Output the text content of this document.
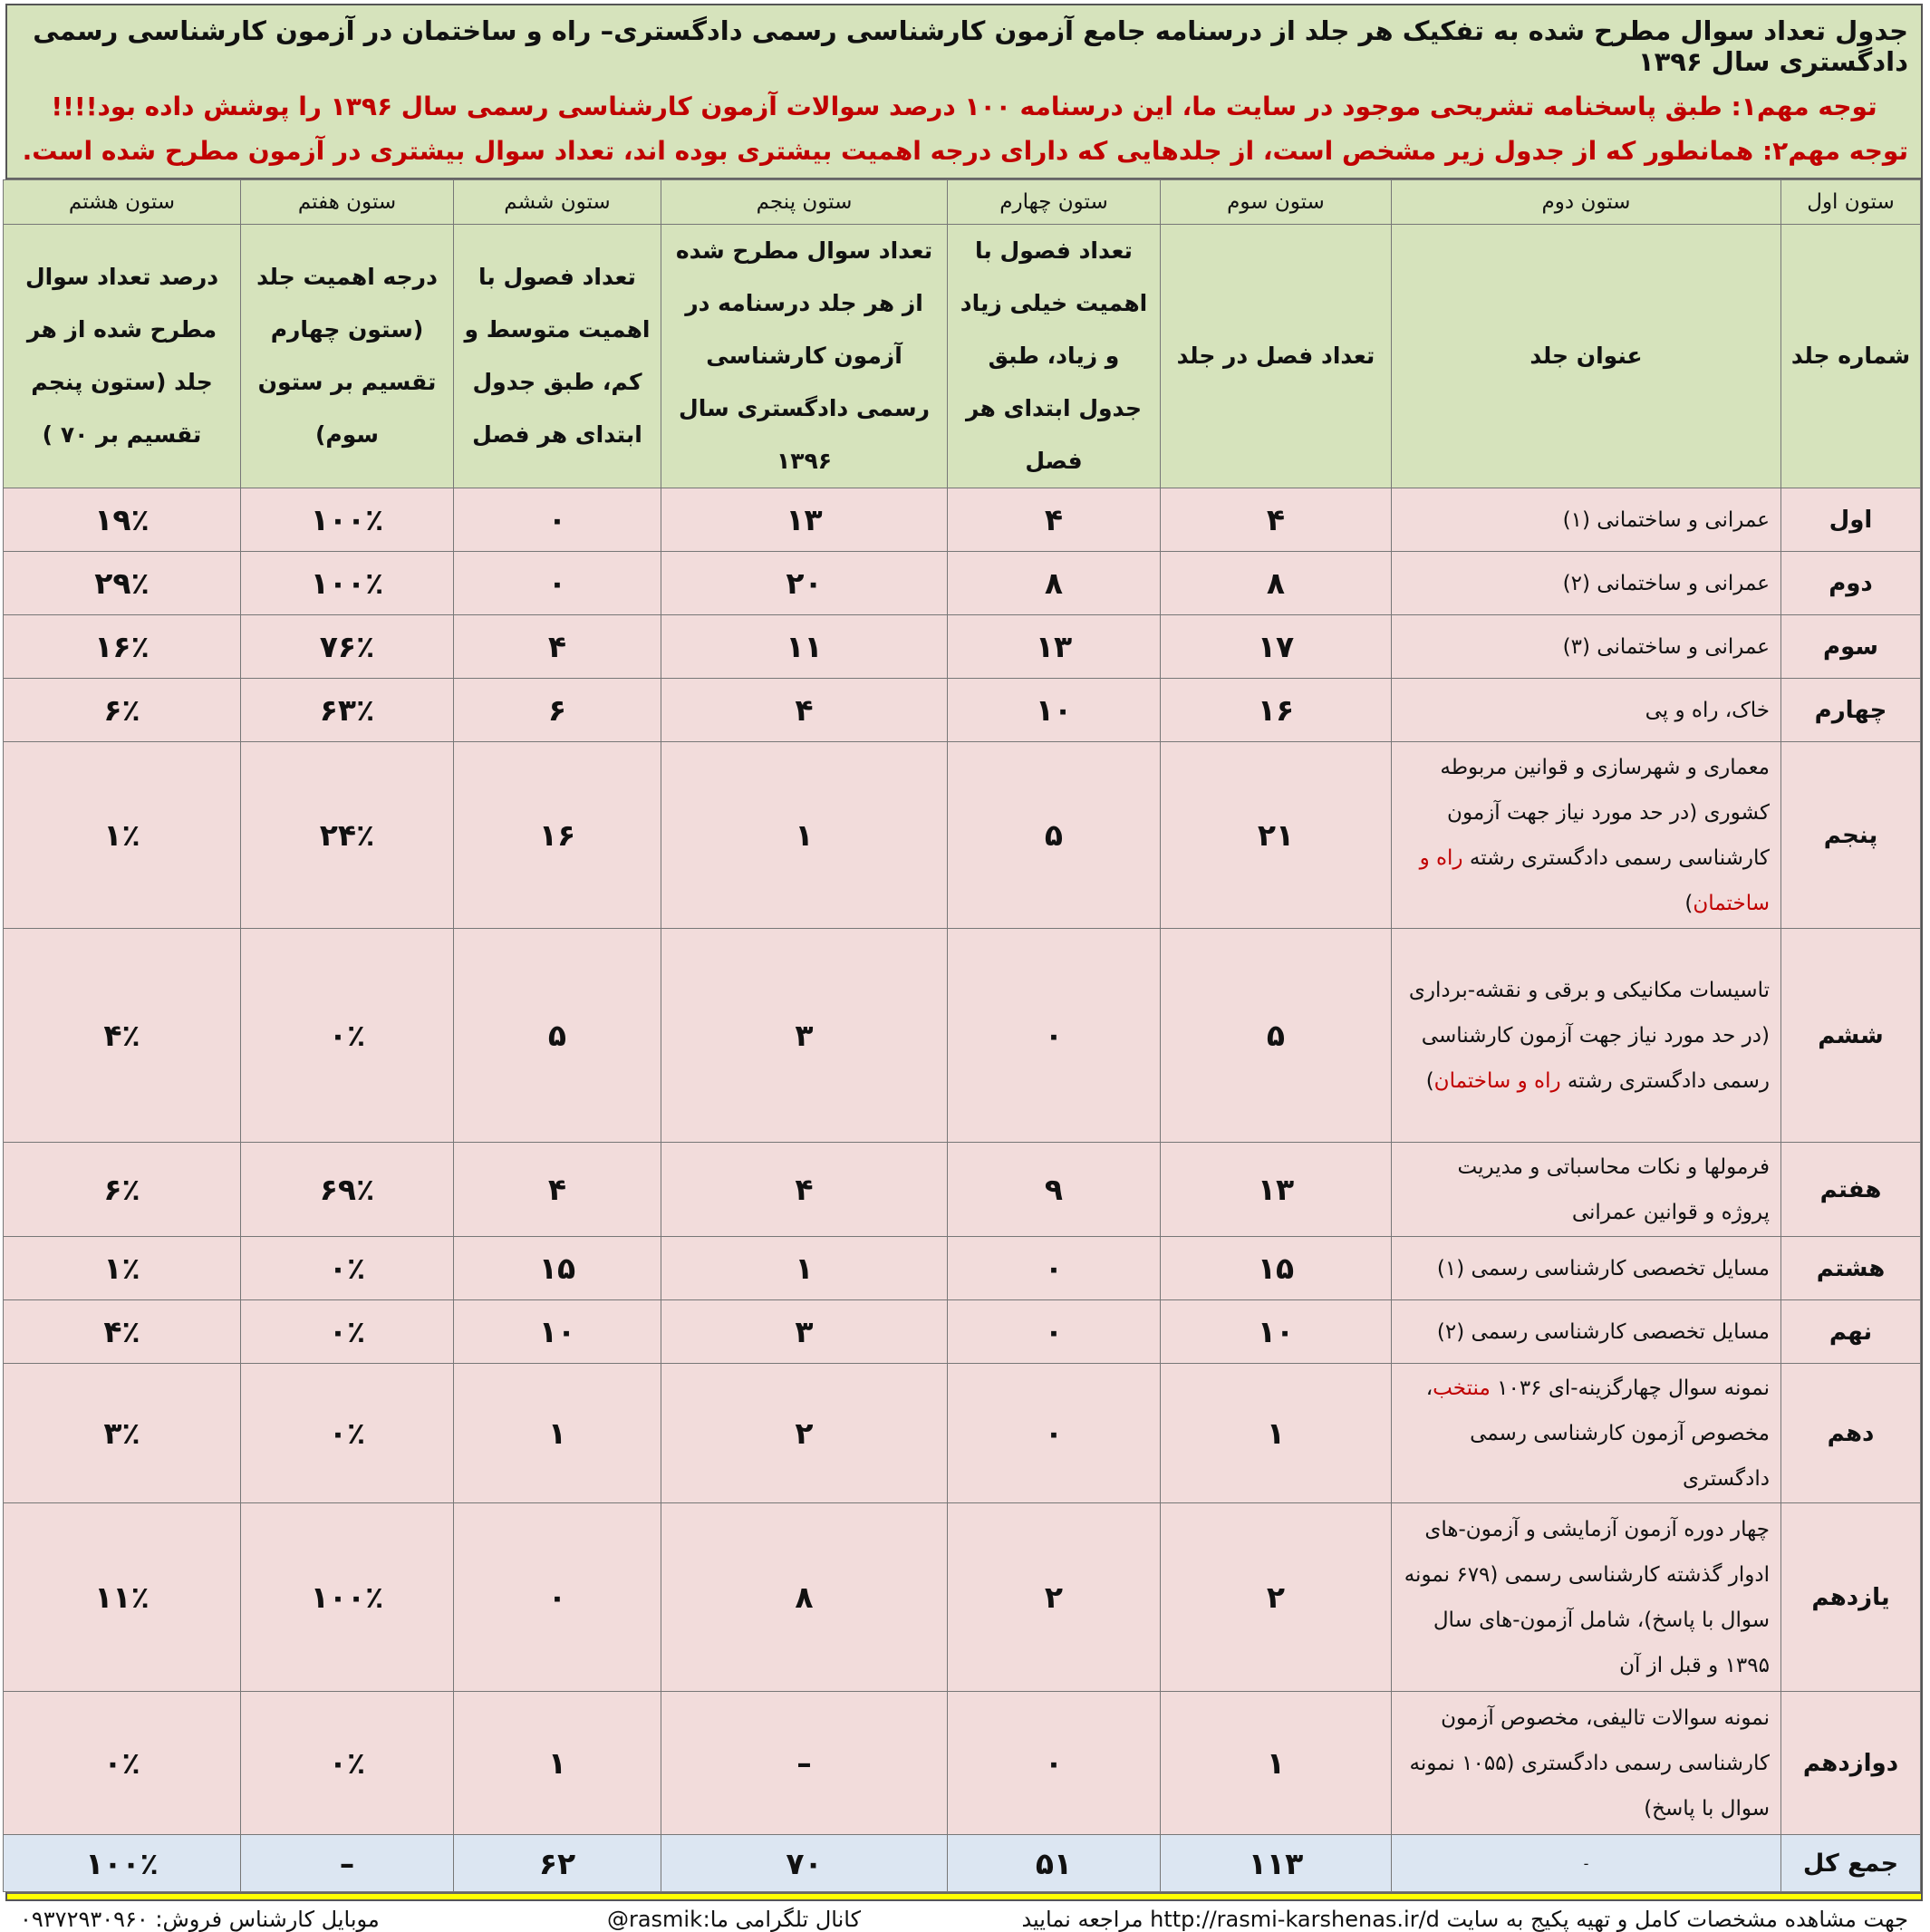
جدول تعداد سوال مطرح شده به تفکیک هر جلد از درسنامه جامع آزمون کارشناسی رسمی دادگستری– راه و ساختمان در آزمون کارشناسی رسمی دادگستری سال ۱۳۹۶
توجه مهم۱: طبق پاسخنامه تشریحی موجود در سایت ما، این درسنامه ۱۰۰ درصد سوالات آزمون کارشناسی رسمی سال ۱۳۹۶ را پوشش داده بود!!!!
توجه مهم۲: همانطور که از جدول زیر مشخص است، از جلدهایی که دارای درجه اهمیت بیشتری بوده اند، تعداد سوال بیشتری در آزمون مطرح شده است.
ستون اول	ستون دوم	ستون سوم	ستون چهارم	ستون پنجم	ستون ششم	ستون هفتم	ستون هشتم
شماره جلد	عنوان جلد	تعداد فصل در جلد	تعداد فصول با اهمیت خیلی زیاد و زیاد، طبق جدول ابتدای هر فصل	تعداد سوال مطرح شده از هر جلد درسنامه در آزمون کارشناسی رسمی دادگستری سال ۱۳۹۶	تعداد فصول با اهمیت متوسط و کم، طبق جدول ابتدای هر فصل	درجه اهمیت جلد (ستون چهارم تقسیم بر ستون سوم)	درصد تعداد سوال مطرح شده از هر جلد (ستون پنجم تقسیم بر ۷۰ )
اول	عمرانی و ساختمانی (۱)	۴	۴	۱۳	۰	۱۰۰٪	۱۹٪
دوم	عمرانی و ساختمانی (۲)	۸	۸	۲۰	۰	۱۰۰٪	۲۹٪
سوم	عمرانی و ساختمانی (۳)	۱۷	۱۳	۱۱	۴	۷۶٪	۱۶٪
چهارم	خاک، راه و پی	۱۶	۱۰	۴	۶	۶۳٪	۶٪
پنجم	معماری و شهرسازی و قوانین مربوطه کشوری (در حد مورد نیاز جهت آزمون کارشناسی رسمی دادگستری رشته راه و ساختمان)	۲۱	۵	۱	۱۶	۲۴٪	۱٪
ششم	تاسیسات مکانیکی و برقی و نقشه-برداری (در حد مورد نیاز جهت آزمون کارشناسی رسمی دادگستری رشته راه و ساختمان)	۵	۰	۳	۵	۰٪	۴٪
هفتم	فرمولها و نکات محاسباتی و مدیریت پروژه و قوانین عمرانی	۱۳	۹	۴	۴	۶۹٪	۶٪
هشتم	مسایل تخصصی کارشناسی رسمی (۱)	۱۵	۰	۱	۱۵	۰٪	۱٪
نهم	مسایل تخصصی کارشناسی رسمی (۲)	۱۰	۰	۳	۱۰	۰٪	۴٪
دهم	نمونه سوال چهارگزینه-ای ۱۰۳۶ منتخب، مخصوص آزمون کارشناسی رسمی دادگستری	۱	۰	۲	۱	۰٪	۳٪
یازدهم	چهار دوره آزمون آزمایشی و آزمون-های ادوار گذشته کارشناسی رسمی (۶۷۹ نمونه سوال با پاسخ)، شامل آزمون-های سال ۱۳۹۵ و قبل از آن	۲	۲	۸	۰	۱۰۰٪	۱۱٪
دوازدهم	نمونه سوالات تالیفی، مخصوص آزمون کارشناسی رسمی دادگستری (۱۰۵۵ نمونه سوال با پاسخ)	۱	۰	–	۱	۰٪	۰٪
جمع کل	-	۱۱۳	۵۱	۷۰	۶۲	–	۱۰۰٪
جهت مشاهده مشخصات کامل و تهیه پکیج به سایت http://rasmi-karshenas.ir/d مراجعه نمایید
کانال تلگرامی ما:
rasmik@
موبایل کارشناس فروش: ۰۹۳۷۲۹۳۰۹۶۰
